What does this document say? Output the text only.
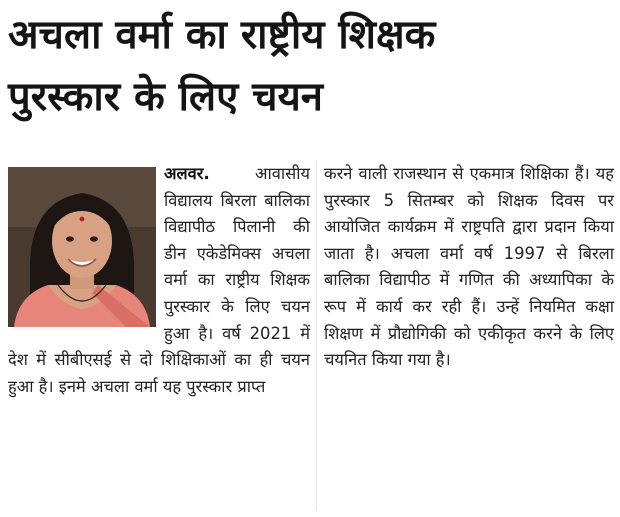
अचला वर्मा का राष्ट्रीय शिक्षक
पुरस्कार के लिए चयन

अलवर.	आवासीय विद्यालय बिरला बालिका विद्यापीठ पिलानी की डीन एकेडेमिक्स अचला वर्मा का राष्ट्रीय शिक्षक पुरस्कार के लिए चयन हुआ है। वर्ष 2021 में देश में सीबीएसई से दो शिक्षिकाओं का ही चयन हुआ है। इनमे अचला वर्मा यह पुरस्कार प्राप्त

करने वाली राजस्थान से एकमात्र शिक्षिका हैं। यह पुरस्कार 5 सितम्बर को शिक्षक दिवस पर आयोजित कार्यक्रम में राष्ट्रपति द्वारा प्रदान किया जाता है। अचला वर्मा वर्ष 1997 से बिरला बालिका विद्यापीठ में गणित की अध्यापिका के रूप में कार्य कर रही हैं। उन्हें नियमित कक्षा शिक्षण में प्रौद्योगिकी को एकीकृत करने के लिए चयनित किया गया है।
